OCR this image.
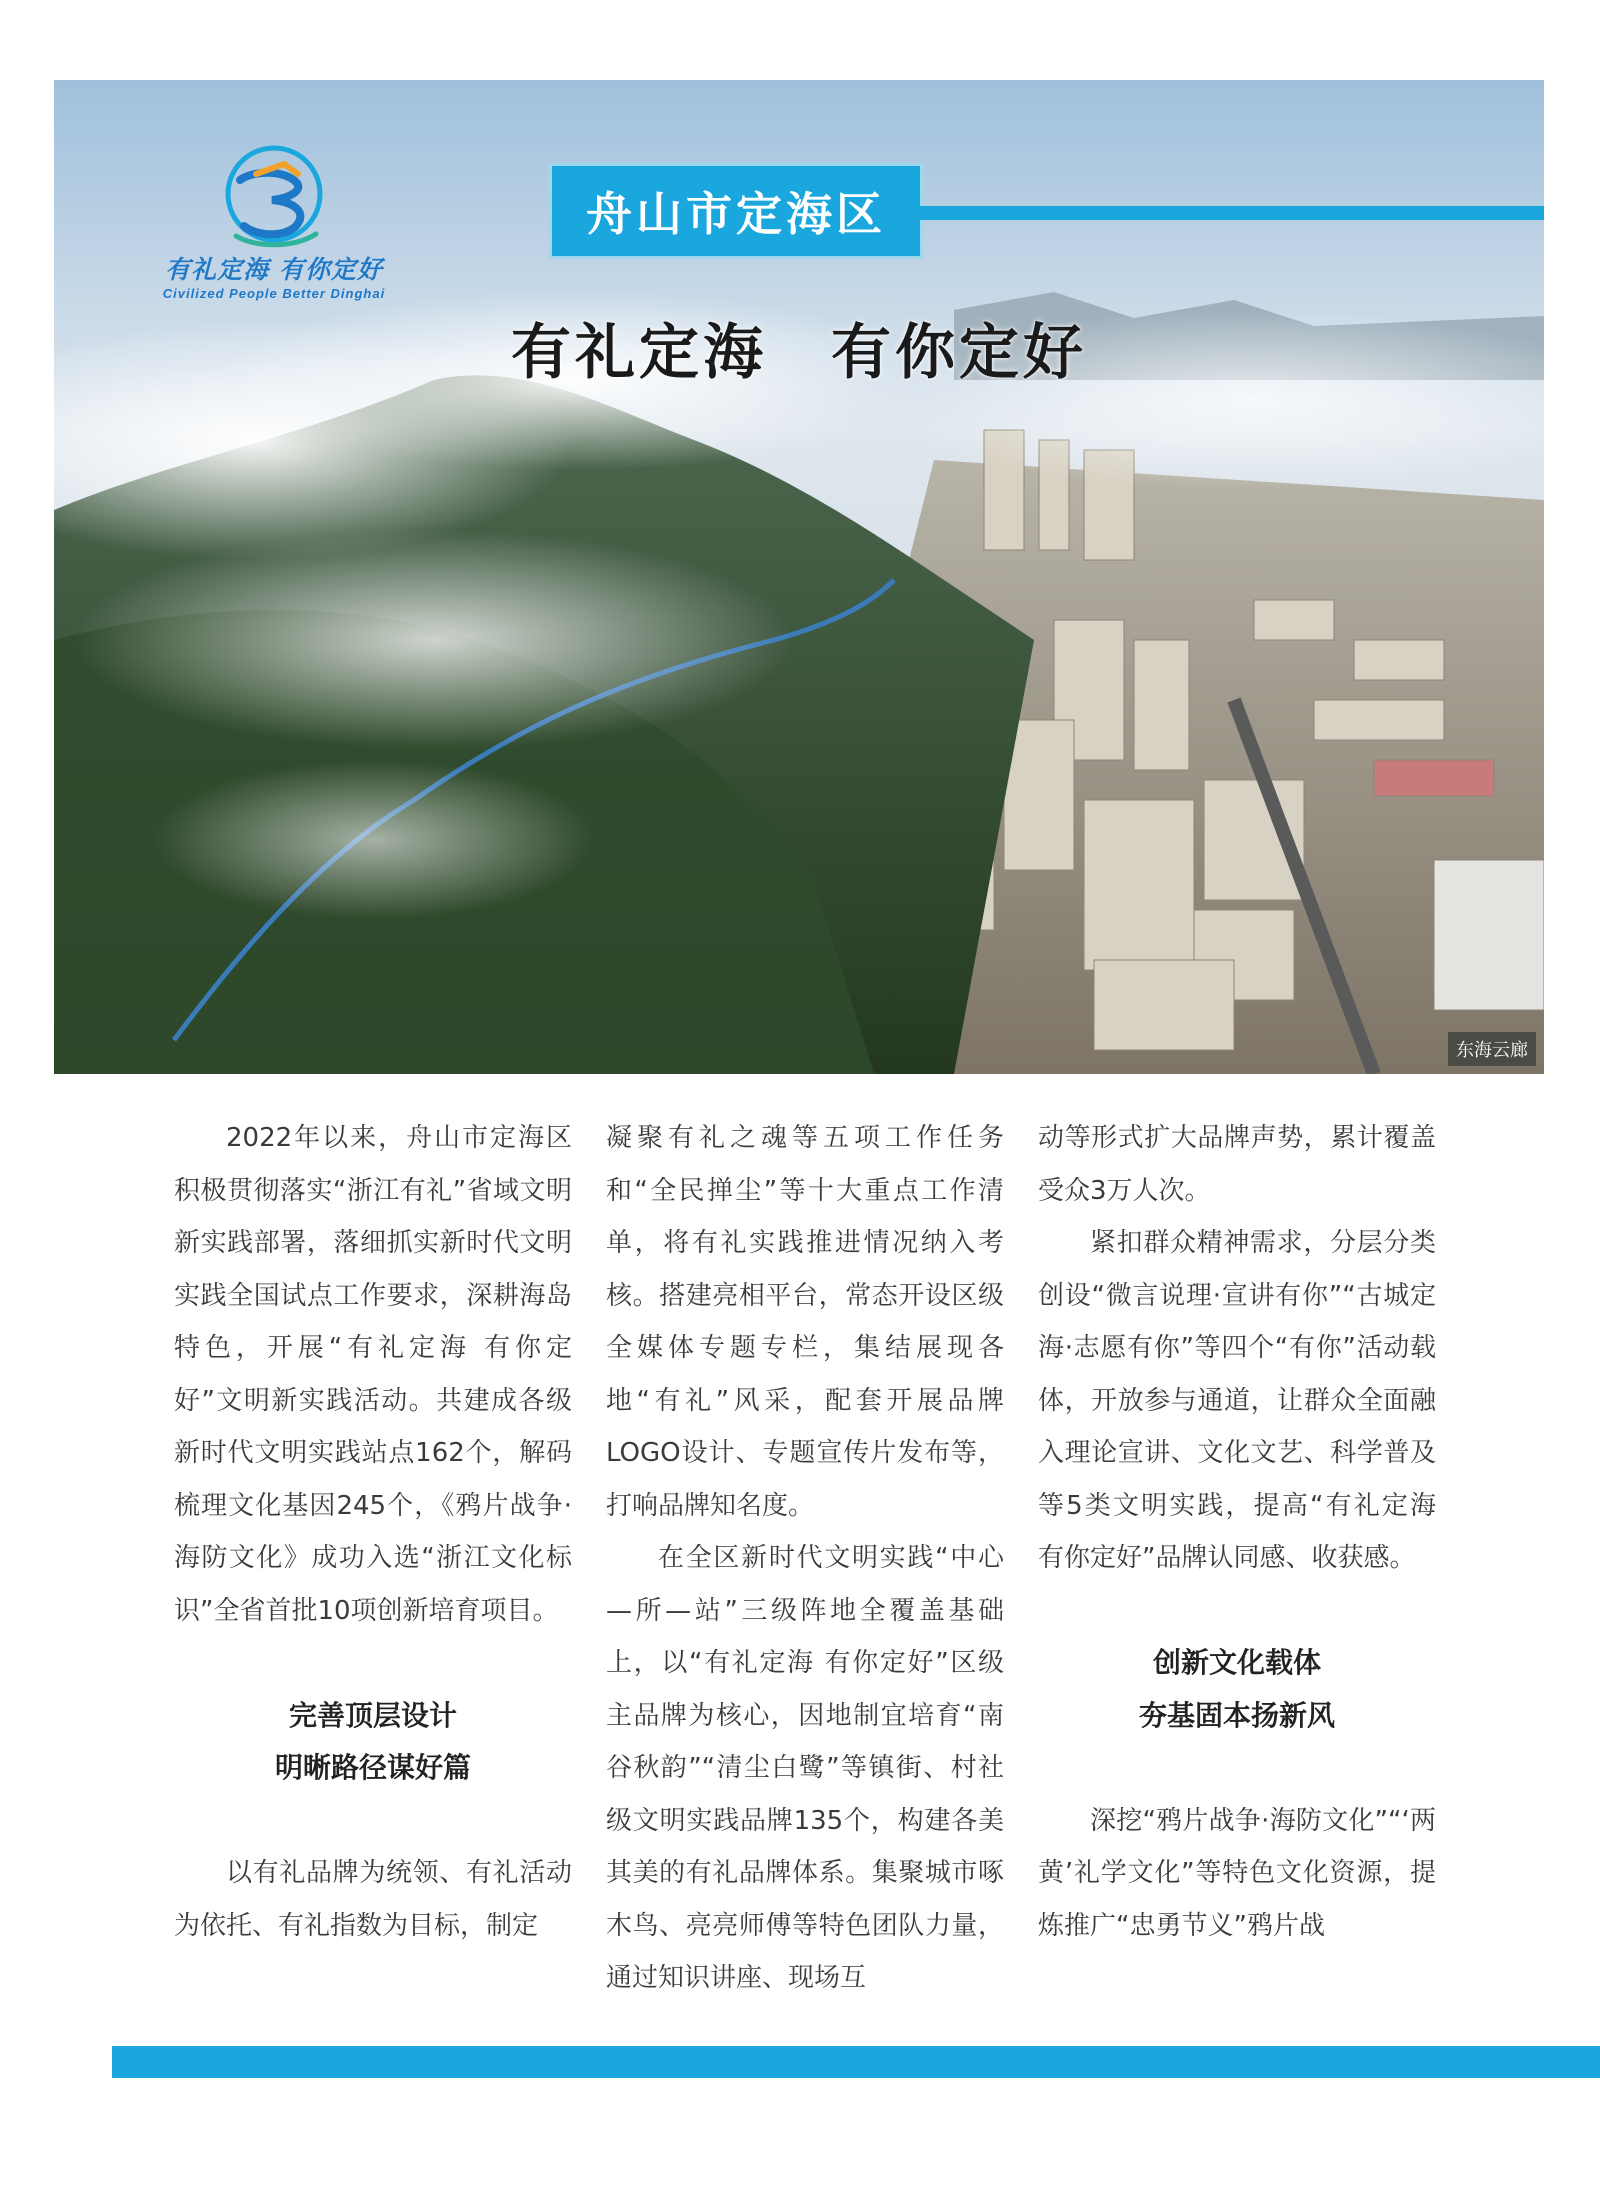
有礼定海 有你定好
Civilized People Better Dinghai
舟山市定海区
有礼定海　有你定好
东海云廊

2022年以来，舟山市定海区积极贯彻落实“浙江有礼”省域文明新实践部署，落细抓实新时代文明实践全国试点工作要求，深耕海岛特色，开展“有礼定海 有你定好”文明新实践活动。共建成各级新时代文明实践站点162个，解码梳理文化基因245个，《鸦片战争·海防文化》成功入选“浙江文化标识”全省首批10项创新培育项目。

完善顶层设计
明晰路径谋好篇

以有礼品牌为统领、有礼活动为依托、有礼指数为目标，制定

凝聚有礼之魂等五项工作任务和“全民掸尘”等十大重点工作清单，将有礼实践推进情况纳入考核。搭建亮相平台，常态开设区级全媒体专题专栏，集结展现各地“有礼”风采，配套开展品牌LOGO设计、专题宣传片发布等，打响品牌知名度。

在全区新时代文明实践“中心—所—站”三级阵地全覆盖基础上，以“有礼定海 有你定好”区级主品牌为核心，因地制宜培育“南谷秋韵”“清尘白鹭”等镇街、村社级文明实践品牌135个，构建各美其美的有礼品牌体系。集聚城市啄木鸟、亮亮师傅等特色团队力量，通过知识讲座、现场互

动等形式扩大品牌声势，累计覆盖受众3万人次。

紧扣群众精神需求，分层分类创设“微言说理·宣讲有你”“古城定海·志愿有你”等四个“有你”活动载体，开放参与通道，让群众全面融入理论宣讲、文化文艺、科学普及等5类文明实践，提高“有礼定海 有你定好”品牌认同感、收获感。

创新文化载体
夯基固本扬新风

深挖“鸦片战争·海防文化”“‘两黄’礼学文化”等特色文化资源，提炼推广“忠勇节义”鸦片战
